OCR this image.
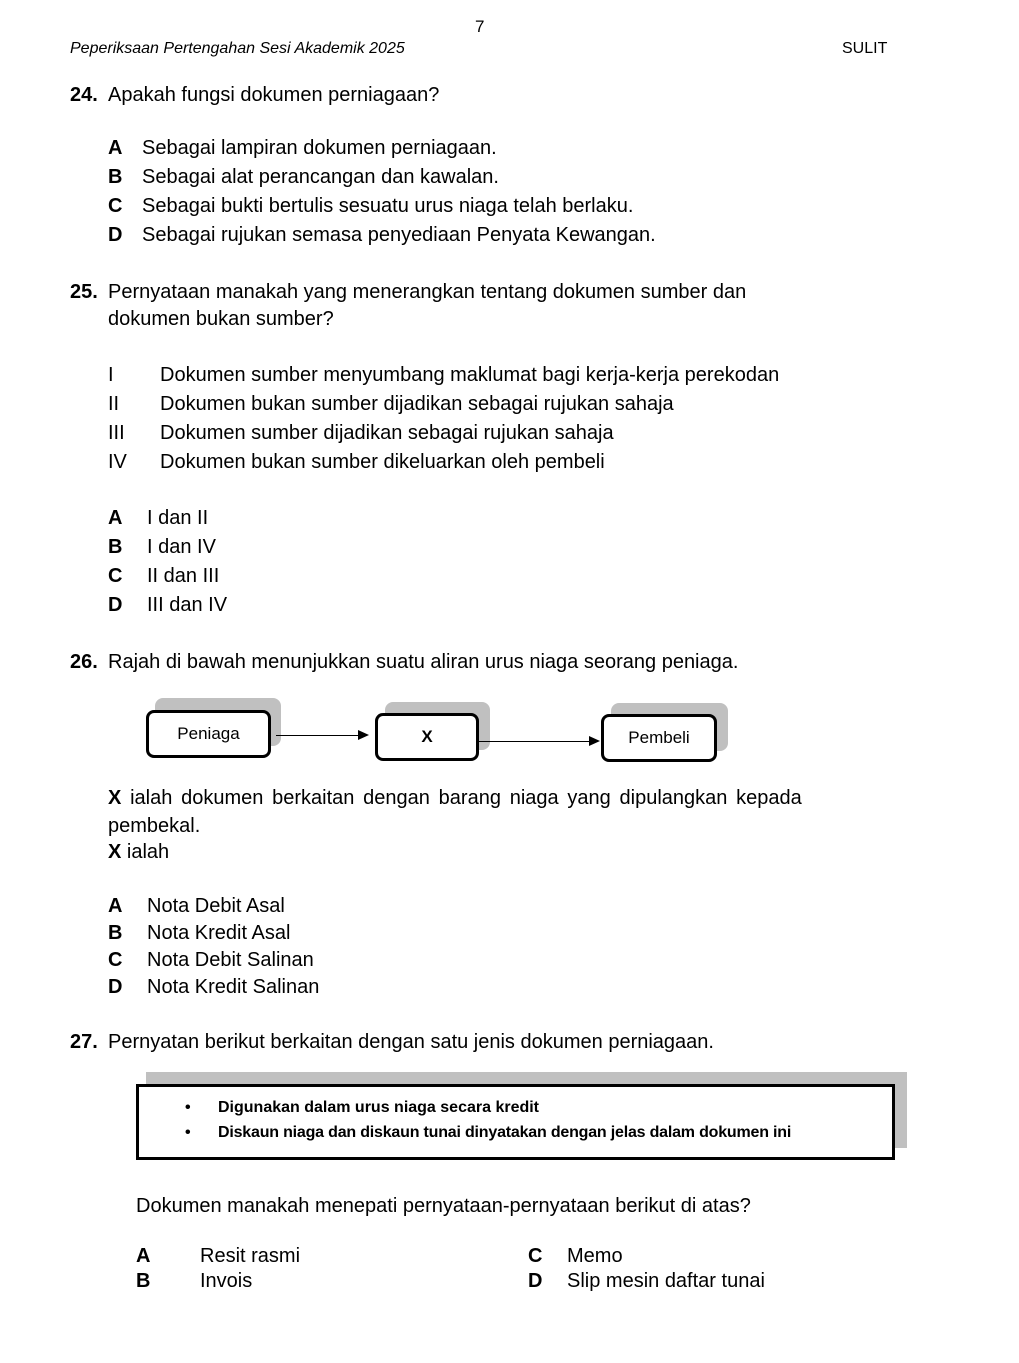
7
Peperiksaan Pertengahan Sesi Akademik 2025	SULIT
24. Apakah fungsi dokumen perniagaan?
A Sebagai lampiran dokumen perniagaan.
B Sebagai alat perancangan dan kawalan.
C Sebagai bukti bertulis sesuatu urus niaga telah berlaku.
D Sebagai rujukan semasa penyediaan Penyata Kewangan.
25. Pernyataan manakah yang menerangkan tentang dokumen sumber dan
dokumen bukan sumber?
I Dokumen sumber menyumbang maklumat bagi kerja-kerja perekodan
II Dokumen bukan sumber dijadikan sebagai rujukan sahaja
III Dokumen sumber dijadikan sebagai rujukan sahaja
IV Dokumen bukan sumber dikeluarkan oleh pembeli
A I dan II
B I dan IV
C II dan III
D III dan IV
26. Rajah di bawah menunjukkan suatu aliran urus niaga seorang peniaga.
Peniaga	X	Pembeli
X ialah dokumen berkaitan dengan barang niaga yang dipulangkan kepada
pembekal.
X ialah
A Nota Debit Asal
B Nota Kredit Asal
C Nota Debit Salinan
D Nota Kredit Salinan
27. Pernyatan berikut berkaitan dengan satu jenis dokumen perniagaan.
• Digunakan dalam urus niaga secara kredit
• Diskaun niaga dan diskaun tunai dinyatakan dengan jelas dalam dokumen ini
Dokumen manakah menepati pernyataan-pernyataan berikut di atas?
A Resit rasmi
B Invois
C Memo
D Slip mesin daftar tunai
